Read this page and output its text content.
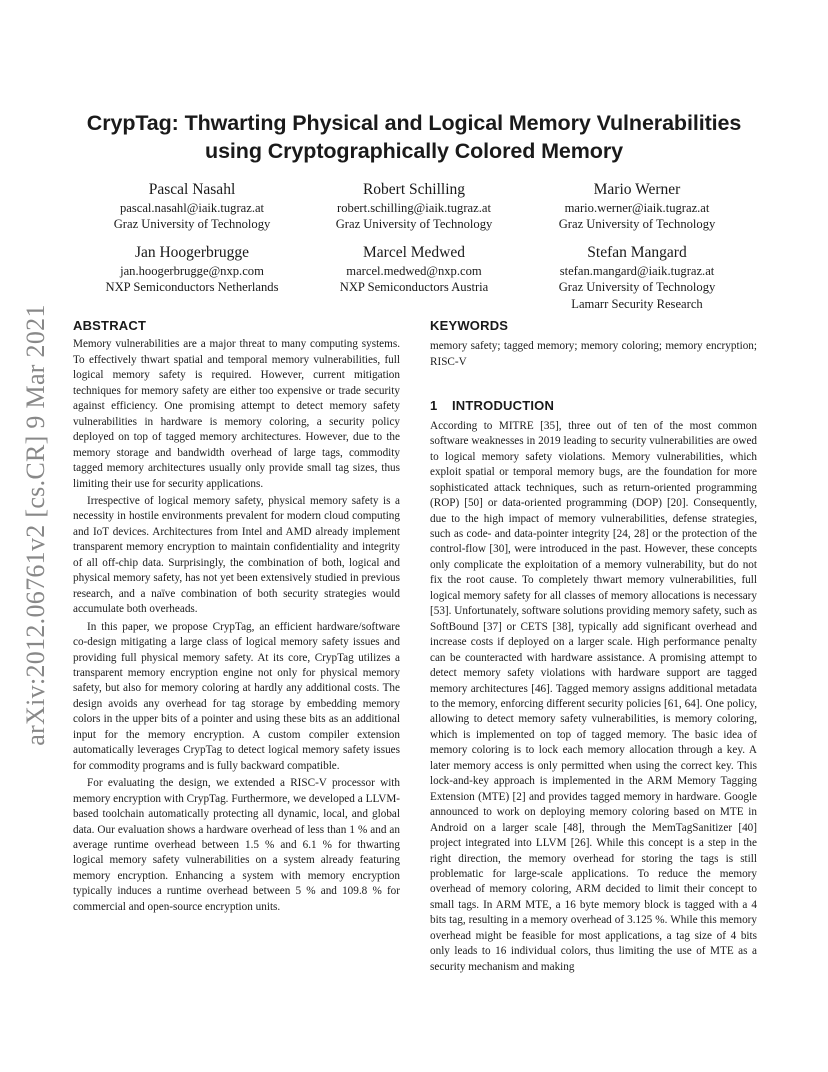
arXiv:2012.06761v2 [cs.CR] 9 Mar 2021
CrypTag: Thwarting Physical and Logical Memory Vulnerabilities using Cryptographically Colored Memory
Pascal Nasahl
pascal.nasahl@iaik.tugraz.at
Graz University of Technology
Robert Schilling
robert.schilling@iaik.tugraz.at
Graz University of Technology
Mario Werner
mario.werner@iaik.tugraz.at
Graz University of Technology
Jan Hoogerbrugge
jan.hoogerbrugge@nxp.com
NXP Semiconductors Netherlands
Marcel Medwed
marcel.medwed@nxp.com
NXP Semiconductors Austria
Stefan Mangard
stefan.mangard@iaik.tugraz.at
Graz University of Technology
Lamarr Security Research
ABSTRACT

Memory vulnerabilities are a major threat to many computing systems. To effectively thwart spatial and temporal memory vulnerabilities, full logical memory safety is required. However, current mitigation techniques for memory safety are either too expensive or trade security against efficiency. One promising attempt to detect memory safety vulnerabilities in hardware is memory coloring, a security policy deployed on top of tagged memory architectures. However, due to the memory storage and bandwidth overhead of large tags, commodity tagged memory architectures usually only provide small tag sizes, thus limiting their use for security applications.

Irrespective of logical memory safety, physical memory safety is a necessity in hostile environments prevalent for modern cloud computing and IoT devices. Architectures from Intel and AMD already implement transparent memory encryption to maintain confidentiality and integrity of all off-chip data. Surprisingly, the combination of both, logical and physical memory safety, has not yet been extensively studied in previous research, and a naïve combination of both security strategies would accumulate both overheads.

In this paper, we propose CrypTag, an efficient hardware/software co-design mitigating a large class of logical memory safety issues and providing full physical memory safety. At its core, CrypTag utilizes a transparent memory encryption engine not only for physical memory safety, but also for memory coloring at hardly any additional costs. The design avoids any overhead for tag storage by embedding memory colors in the upper bits of a pointer and using these bits as an additional input for the memory encryption. A custom compiler extension automatically leverages CrypTag to detect logical memory safety issues for commodity programs and is fully backward compatible.

For evaluating the design, we extended a RISC-V processor with memory encryption with CrypTag. Furthermore, we developed a LLVM-based toolchain automatically protecting all dynamic, local, and global data. Our evaluation shows a hardware overhead of less than 1 % and an average runtime overhead between 1.5 % and 6.1 % for thwarting logical memory safety vulnerabilities on a system already featuring memory encryption. Enhancing a system with memory encryption typically induces a runtime overhead between 5 % and 109.8 % for commercial and open-source encryption units.

KEYWORDS

memory safety; tagged memory; memory coloring; memory encryption; RISC-V

1 INTRODUCTION

According to MITRE [35], three out of ten of the most common software weaknesses in 2019 leading to security vulnerabilities are owed to logical memory safety violations. Memory vulnerabilities, which exploit spatial or temporal memory bugs, are the foundation for more sophisticated attack techniques, such as return-oriented programming (ROP) [50] or data-oriented programming (DOP) [20]. Consequently, due to the high impact of memory vulnerabilities, defense strategies, such as code- and data-pointer integrity [24, 28] or the protection of the control-flow [30], were introduced in the past. However, these concepts only complicate the exploitation of a memory vulnerability, but do not fix the root cause. To completely thwart memory vulnerabilities, full logical memory safety for all classes of memory allocations is necessary [53]. Unfortunately, software solutions providing memory safety, such as SoftBound [37] or CETS [38], typically add significant overhead and increase costs if deployed on a larger scale. High performance penalty can be counteracted with hardware assistance. A promising attempt to detect memory safety violations with hardware support are tagged memory architectures [46]. Tagged memory assigns additional metadata to the memory, enforcing different security policies [61, 64]. One policy, allowing to detect memory safety vulnerabilities, is memory coloring, which is implemented on top of tagged memory. The basic idea of memory coloring is to lock each memory allocation through a key. A later memory access is only permitted when using the correct key. This lock-and-key approach is implemented in the ARM Memory Tagging Extension (MTE) [2] and provides tagged memory in hardware. Google announced to work on deploying memory coloring based on MTE in Android on a larger scale [48], through the MemTagSanitizer [40] project integrated into LLVM [26]. While this concept is a step in the right direction, the memory overhead for storing the tags is still problematic for large-scale applications. To reduce the memory overhead of memory coloring, ARM decided to limit their concept to small tags. In ARM MTE, a 16 byte memory block is tagged with a 4 bits tag, resulting in a memory overhead of 3.125 %. While this memory overhead might be feasible for most applications, a tag size of 4 bits only leads to 16 individual colors, thus limiting the use of MTE as a security mechanism and making
